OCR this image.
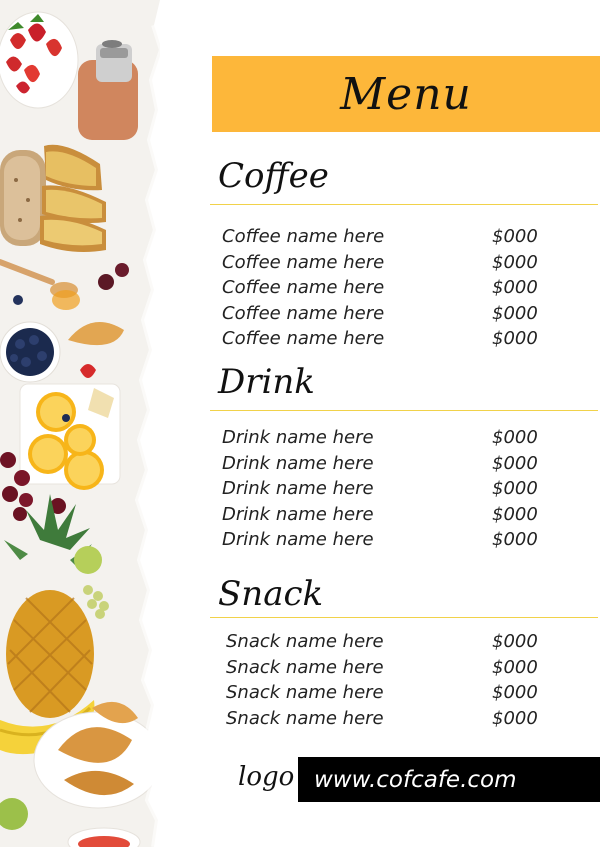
Menu
Coffee
Coffee name here	$000
Coffee name here	$000
Coffee name here	$000
Coffee name here	$000
Coffee name here	$000
Drink
Drink name here	$000
Drink name here	$000
Drink name here	$000
Drink name here	$000
Drink name here	$000
Snack
Snack name here	$000
Snack name here	$000
Snack name here	$000
Snack name here	$000
logo www.cofcafe.com
